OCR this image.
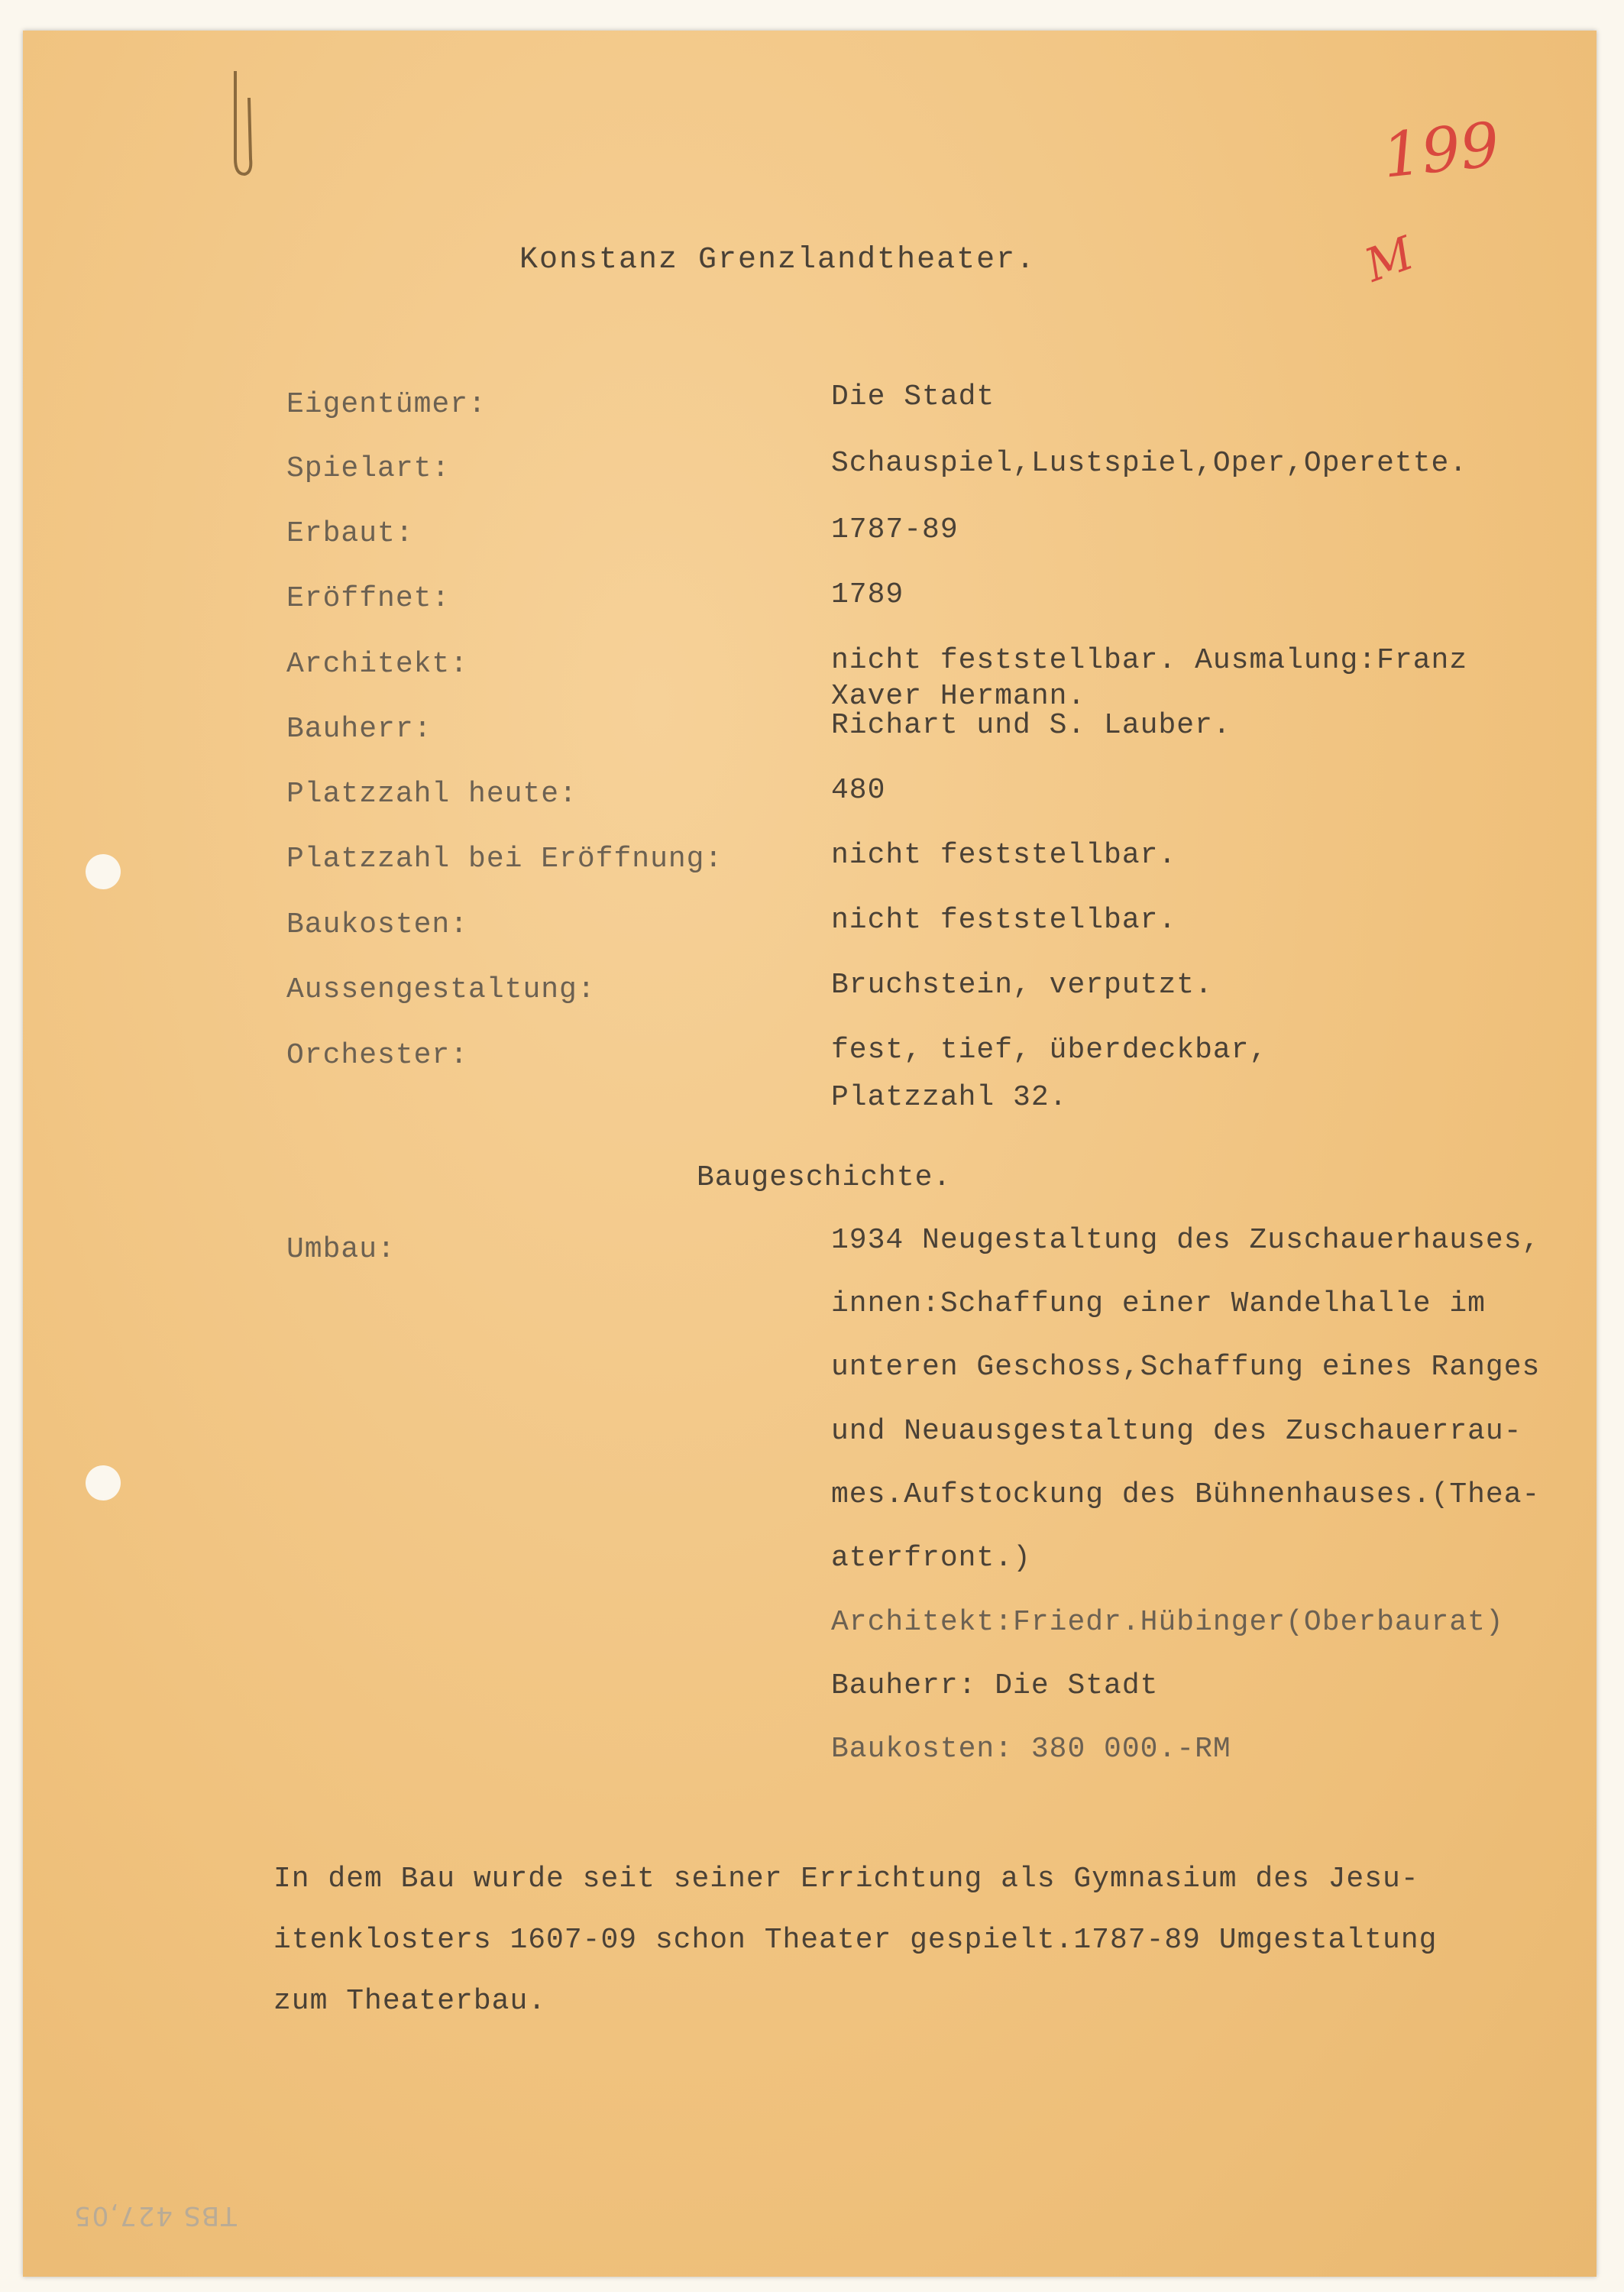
199
M
Konstanz Grenzlandtheater.
Eigentümer:
Spielart:
Erbaut:
Eröffnet:
Architekt:
Bauherr:
Platzzahl heute:
Platzzahl bei Eröffnung:
Baukosten:
Aussengestaltung:
Orchester:
Die Stadt
Schauspiel,Lustspiel,Oper,Operette.
1787-89
1789
nicht feststellbar. Ausmalung:Franz
Xaver Hermann.
Richart und S. Lauber.
480
nicht feststellbar.
nicht feststellbar.
Bruchstein, verputzt.
fest, tief, überdeckbar,
Platzzahl 32.
Baugeschichte.
Umbau:	1934 Neugestaltung des Zuschauerhauses,
innen:Schaffung einer Wandelhalle im
unteren Geschoss,Schaffung eines Ranges
und Neuausgestaltung des Zuschauerrau-
mes.Aufstockung des Bühnenhauses.(Thea-
aterfront.)
Architekt:Friedr.Hübinger(Oberbaurat)
Bauherr: Die Stadt
Baukosten: 380 000.-RM
In dem Bau wurde seit seiner Errichtung als Gymnasium des Jesu-
itenklosters 1607-09 schon Theater gespielt.1787-89 Umgestaltung
zum Theaterbau.
TBS 427,05
